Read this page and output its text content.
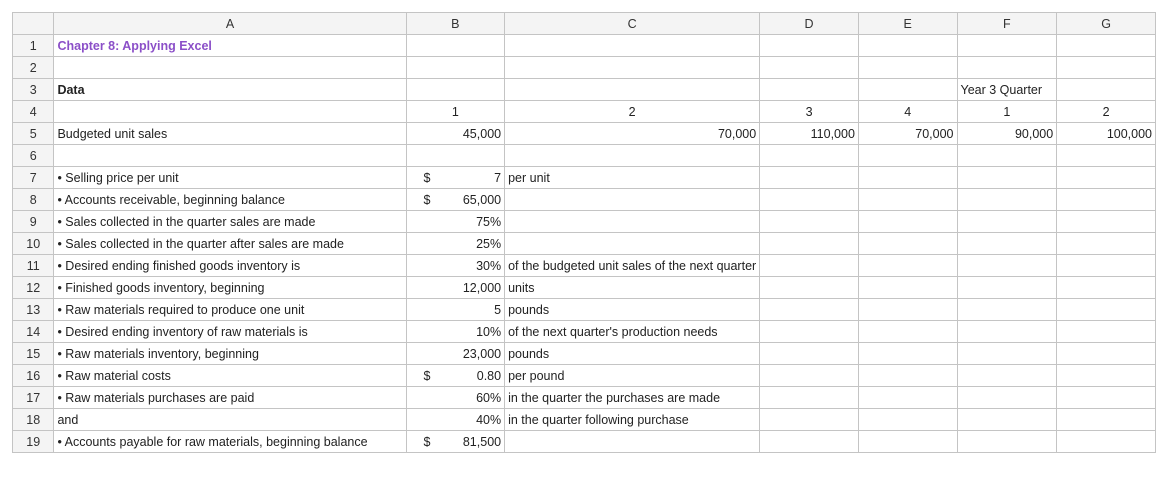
	A	B	C	D	E	F	G
1	Chapter 8: Applying Excel						
2							
3	Data					Year 3 Quarter	
4		1	2	3	4	1	2
5	Budgeted unit sales	45,000	70,000	110,000	70,000	90,000	100,000
6							
7	• Selling price per unit	$ 7	per unit				
8	• Accounts receivable, beginning balance	$ 65,000					

9	• Sales collected in the quarter sales are made	75%					

10	• Sales collected in the quarter after sales are made	25%					

11	• Desired ending finished goods inventory is	30%	of the budgeted unit sales of the next quarter				
12	• Finished goods inventory, beginning	12,000	units				
13	• Raw materials required to produce one unit	5	pounds				
14	• Desired ending inventory of raw materials is	10%	of the next quarter's production needs				
15	• Raw materials inventory, beginning	23,000	pounds				
16	• Raw material costs	$ 0.80	per pound				
17	• Raw materials purchases are paid	60%	in the quarter the purchases are made				
18	and	40%	in the quarter following purchase				
19	• Accounts payable for raw materials, beginning balance	$ 81,500					
